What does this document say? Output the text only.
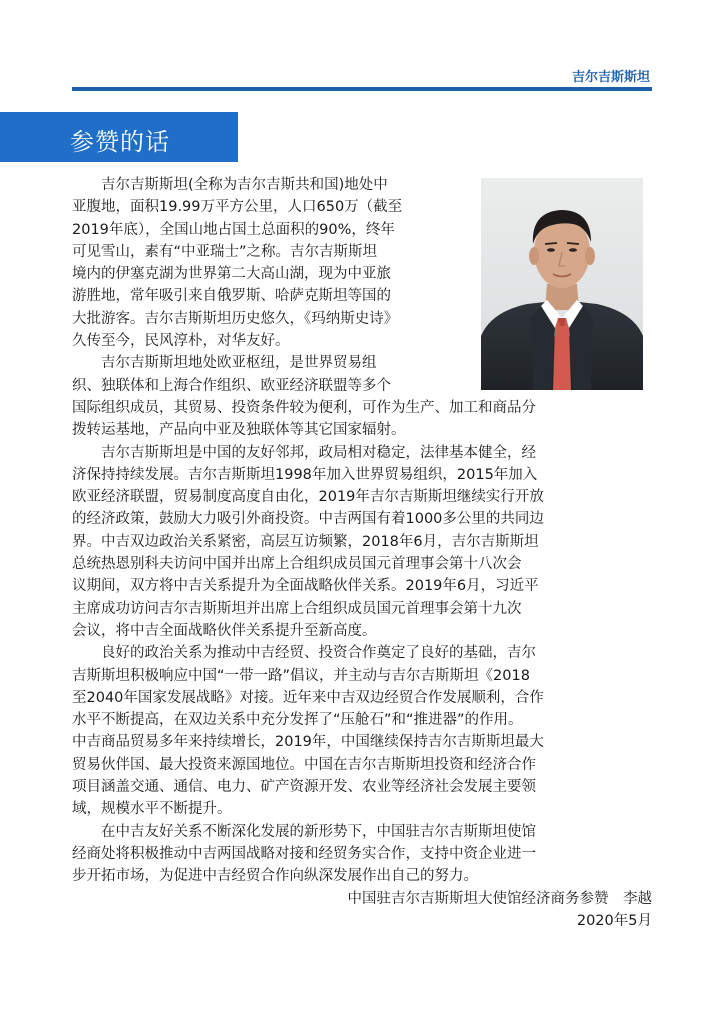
吉尔吉斯斯坦
参赞的话
　　吉尔吉斯斯坦(全称为吉尔吉斯共和国)地处中
亚腹地，面积19.99万平方公里，人口650万（截至
2019年底），全国山地占国土总面积的90%，终年
可见雪山，素有“中亚瑞士”之称。吉尔吉斯斯坦
境内的伊塞克湖为世界第二大高山湖，现为中亚旅
游胜地，常年吸引来自俄罗斯、哈萨克斯坦等国的
大批游客。吉尔吉斯斯坦历史悠久，《玛纳斯史诗》
久传至今，民风淳朴，对华友好。
　　吉尔吉斯斯坦地处欧亚枢纽，是世界贸易组
织、独联体和上海合作组织、欧亚经济联盟等多个
国际组织成员，其贸易、投资条件较为便利，可作为生产、加工和商品分
拨转运基地，产品向中亚及独联体等其它国家辐射。
　　吉尔吉斯斯坦是中国的友好邻邦，政局相对稳定，法律基本健全，经
济保持持续发展。吉尔吉斯斯坦1998年加入世界贸易组织，2015年加入
欧亚经济联盟，贸易制度高度自由化，2019年吉尔吉斯斯坦继续实行开放
的经济政策，鼓励大力吸引外商投资。中吉两国有着1000多公里的共同边
界。中吉双边政治关系紧密，高层互访频繁，2018年6月，吉尔吉斯斯坦
总统热恩别科夫访问中国并出席上合组织成员国元首理事会第十八次会
议期间，双方将中吉关系提升为全面战略伙伴关系。2019年6月，习近平
主席成功访问吉尔吉斯斯坦并出席上合组织成员国元首理事会第十九次
会议，将中吉全面战略伙伴关系提升至新高度。
　　良好的政治关系为推动中吉经贸、投资合作奠定了良好的基础，吉尔
吉斯斯坦积极响应中国“一带一路”倡议，并主动与吉尔吉斯斯坦《2018
至2040年国家发展战略》对接。近年来中吉双边经贸合作发展顺利，合作
水平不断提高，在双边关系中充分发挥了“压舱石”和“推进器”的作用。
中吉商品贸易多年来持续增长，2019年，中国继续保持吉尔吉斯斯坦最大
贸易伙伴国、最大投资来源国地位。中国在吉尔吉斯斯坦投资和经济合作
项目涵盖交通、通信、电力、矿产资源开发、农业等经济社会发展主要领
域，规模水平不断提升。
　　在中吉友好关系不断深化发展的新形势下，中国驻吉尔吉斯斯坦使馆
经商处将积极推动中吉两国战略对接和经贸务实合作，支持中资企业进一
步开拓市场，为促进中吉经贸合作向纵深发展作出自己的努力。
中国驻吉尔吉斯斯坦大使馆经济商务参赞　李越
2020年5月
